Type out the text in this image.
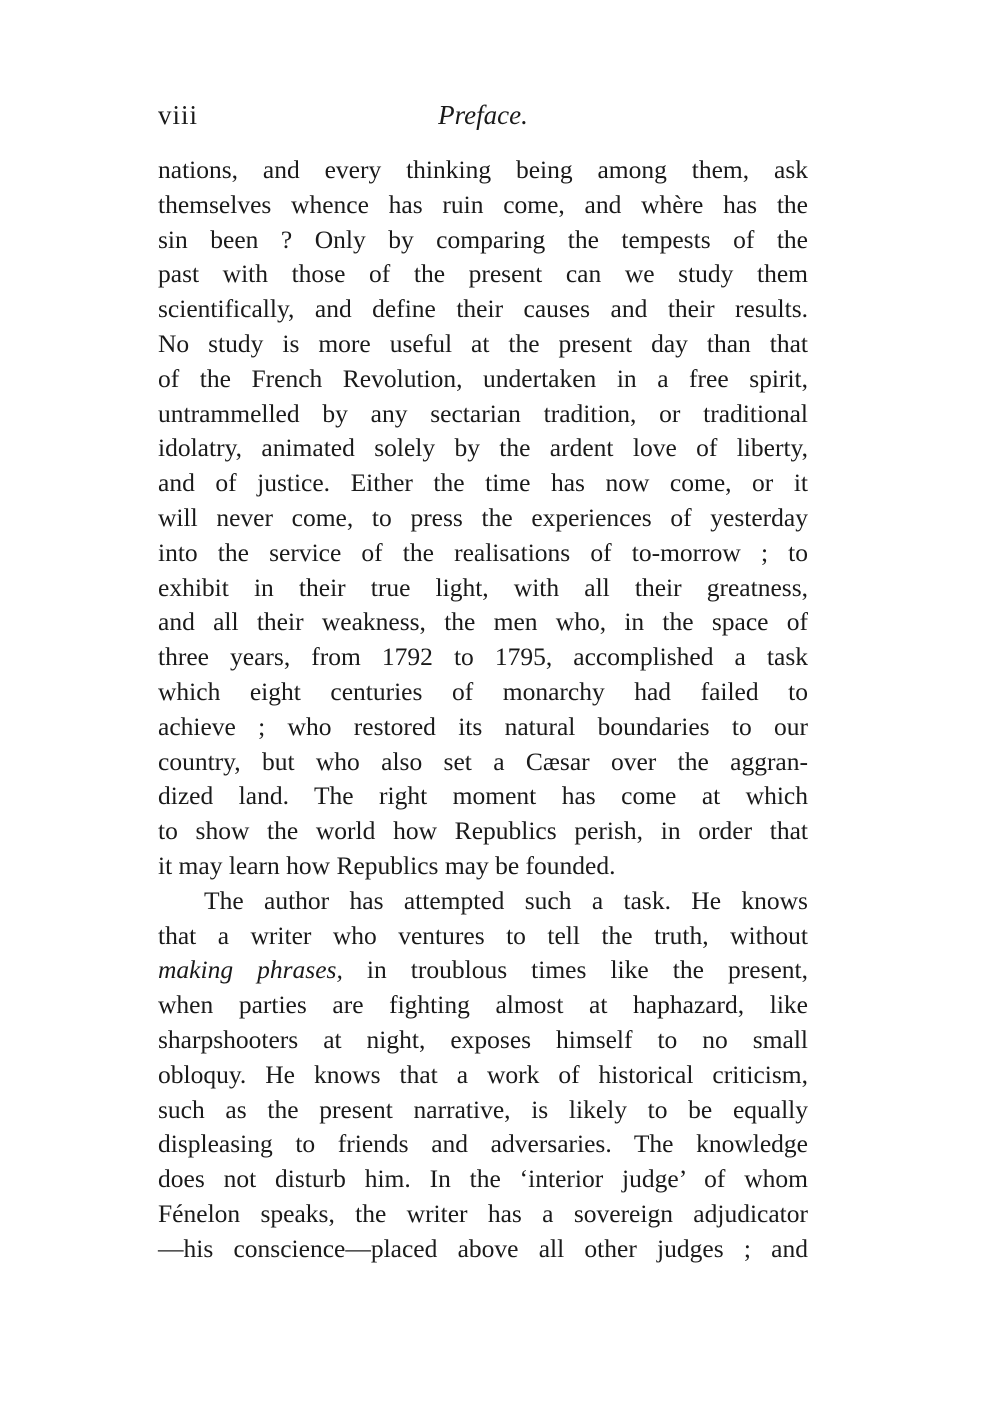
viii	Preface.
nations, and every thinking being among them, ask
themselves whence has ruin come, and whère has the
sin been ? Only by comparing the tempests of the
past with those of the present can we study them
scientifically, and define their causes and their results.
No study is more useful at the present day than that
of the French Revolution, undertaken in a free spirit,
untrammelled by any sectarian tradition, or traditional
idolatry, animated solely by the ardent love of liberty,
and of justice. Either the time has now come, or it
will never come, to press the experiences of yesterday
into the service of the realisations of to-morrow ; to
exhibit in their true light, with all their greatness,
and all their weakness, the men who, in the space of
three years, from 1792 to 1795, accomplished a task
which eight centuries of monarchy had failed to
achieve ; who restored its natural boundaries to our
country, but who also set a Cæsar over the aggran-
dized land. The right moment has come at which
to show the world how Republics perish, in order that
it may learn how Republics may be founded.
The author has attempted such a task. He knows
that a writer who ventures to tell the truth, without
making phrases, in troublous times like the present,
when parties are fighting almost at haphazard, like
sharpshooters at night, exposes himself to no small
obloquy. He knows that a work of historical criticism,
such as the present narrative, is likely to be equally
displeasing to friends and adversaries. The knowledge
does not disturb him. In the ‘interior judge’ of whom
Fénelon speaks, the writer has a sovereign adjudicator
—his conscience—placed above all other judges ; and
